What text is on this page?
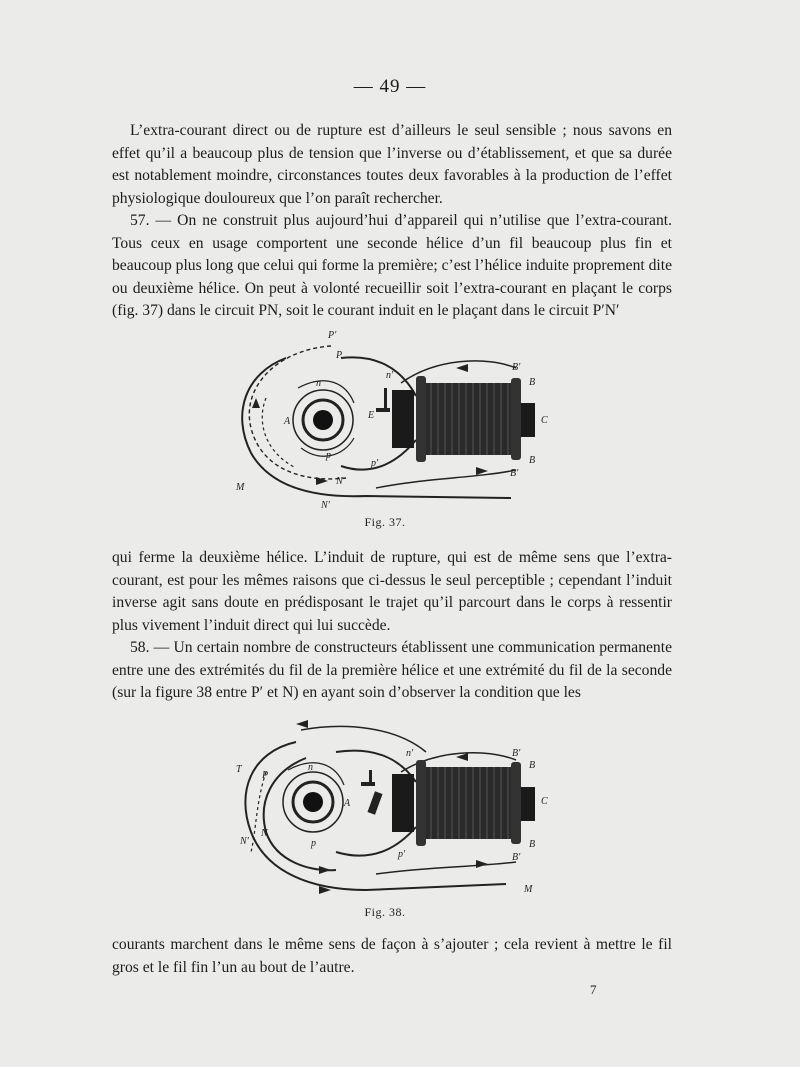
— 49 —

L’extra-courant direct ou de rupture est d’ailleurs le seul sensible ; nous savons en effet qu’il a beaucoup plus de tension que l’inverse ou d’établissement, et que sa durée est notablement moindre, circonstances toutes deux favorables à la production de l’effet physiologique douloureux que l’on paraît rechercher.

57. — On ne construit plus aujourd’hui d’appareil qui n’utilise que l’extra-courant. Tous ceux en usage comportent une seconde hélice d’un fil beaucoup plus fin et beaucoup plus long que celui qui forme la première; c’est l’hélice induite proprement dite ou deuxième hélice. On peut à volonté recueillir soit l’extra-courant en plaçant le corps (fig. 37) dans le circuit PN, soit le courant induit en le plaçant dans le circuit P′N′

P′
P
n
n′
A
E
p
p′
N
N′
B′
B
C
B
B′
M
Fig. 37.

qui ferme la deuxième hélice. L’induit de rupture, qui est de même sens que l’extra-courant, est pour les mêmes raisons que ci-dessus le seul perceptible ; cependant l’induit inverse agit sans doute en prédisposant le trajet qu’il parcourt dans le corps à ressentir plus vivement l’induit direct qui lui succède.

58. — Un certain nombre de constructeurs établissent une communication permanente entre une des extrémités du fil de la première hélice et une extrémité du fil de la seconde (sur la figure 38 entre P′ et N) en ayant soin d’observer la condition que les

T
P
n
n′
A
N
N′	p
p′
B′
B
C
B
B′
M
Fig. 38.

courants marchent dans le même sens de façon à s’ajouter ; cela revient à mettre le fil gros et le fil fin l’un au bout de l’autre.

7
